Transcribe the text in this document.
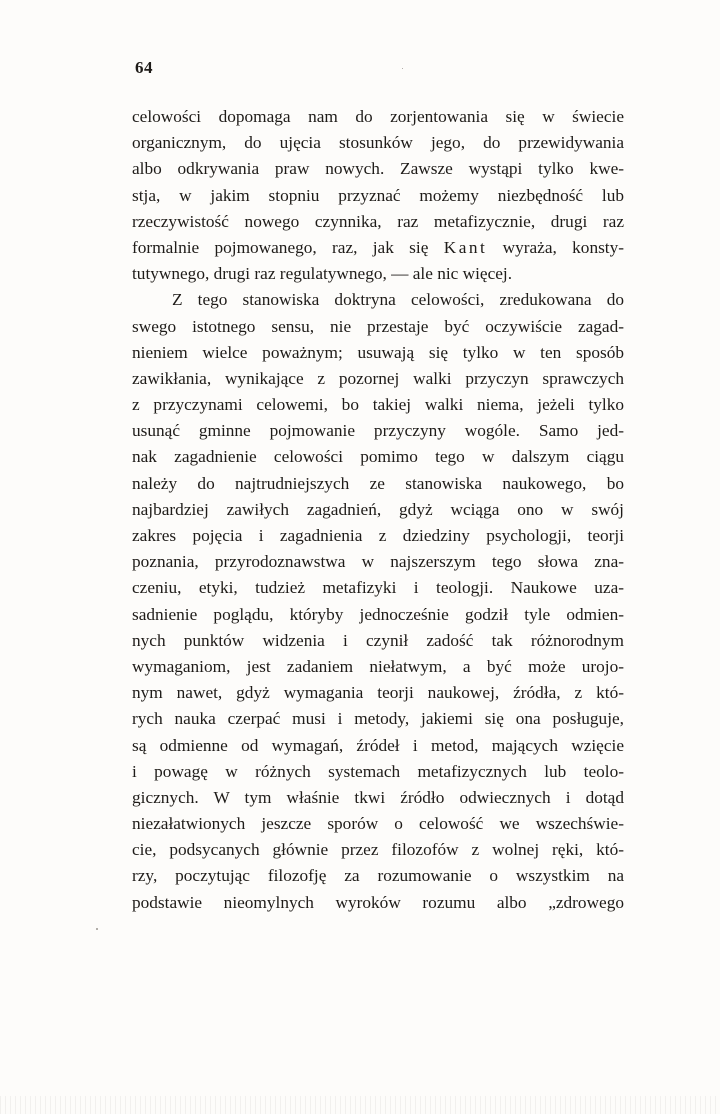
64
celowości dopomaga nam do zorjentowania się w świecie
organicznym, do ujęcia stosunków jego, do przewidywania
albo odkrywania praw nowych. Zawsze wystąpi tylko kwe-
stja, w jakim stopniu przyznać możemy niezbędność lub
rzeczywistość nowego czynnika, raz metafizycznie, drugi raz
formalnie pojmowanego, raz, jak się Kant wyraża, konsty-
tutywnego, drugi raz regulatywnego, — ale nic więcej.
Z tego stanowiska doktryna celowości, zredukowana do
swego istotnego sensu, nie przestaje być oczywiście zagad-
nieniem wielce poważnym; usuwają się tylko w ten sposób
zawikłania, wynikające z pozornej walki przyczyn sprawczych
z przyczynami celowemi, bo takiej walki niema, jeżeli tylko
usunąć gminne pojmowanie przyczyny wogóle. Samo jed-
nak zagadnienie celowości pomimo tego w dalszym ciągu
należy do najtrudniejszych ze stanowiska naukowego, bo
najbardziej zawiłych zagadnień, gdyż wciąga ono w swój
zakres pojęcia i zagadnienia z dziedziny psychologji, teorji
poznania, przyrodoznawstwa w najszerszym tego słowa zna-
czeniu, etyki, tudzież metafizyki i teologji. Naukowe uza-
sadnienie poglądu, któryby jednocześnie godził tyle odmien-
nych punktów widzenia i czynił zadość tak różnorodnym
wymaganiom, jest zadaniem niełatwym, a być może urojo-
nym nawet, gdyż wymagania teorji naukowej, źródła, z któ-
rych nauka czerpać musi i metody, jakiemi się ona posługuje,
są odmienne od wymagań, źródeł i metod, mających wzięcie
i powagę w różnych systemach metafizycznych lub teolo-
gicznych. W tym właśnie tkwi źródło odwiecznych i dotąd
niezałatwionych jeszcze sporów o celowość we wszechświe-
cie, podsycanych głównie przez filozofów z wolnej ręki, któ-
rzy, poczytując filozofję za rozumowanie o wszystkim na
podstawie nieomylnych wyroków rozumu albo „zdrowego
